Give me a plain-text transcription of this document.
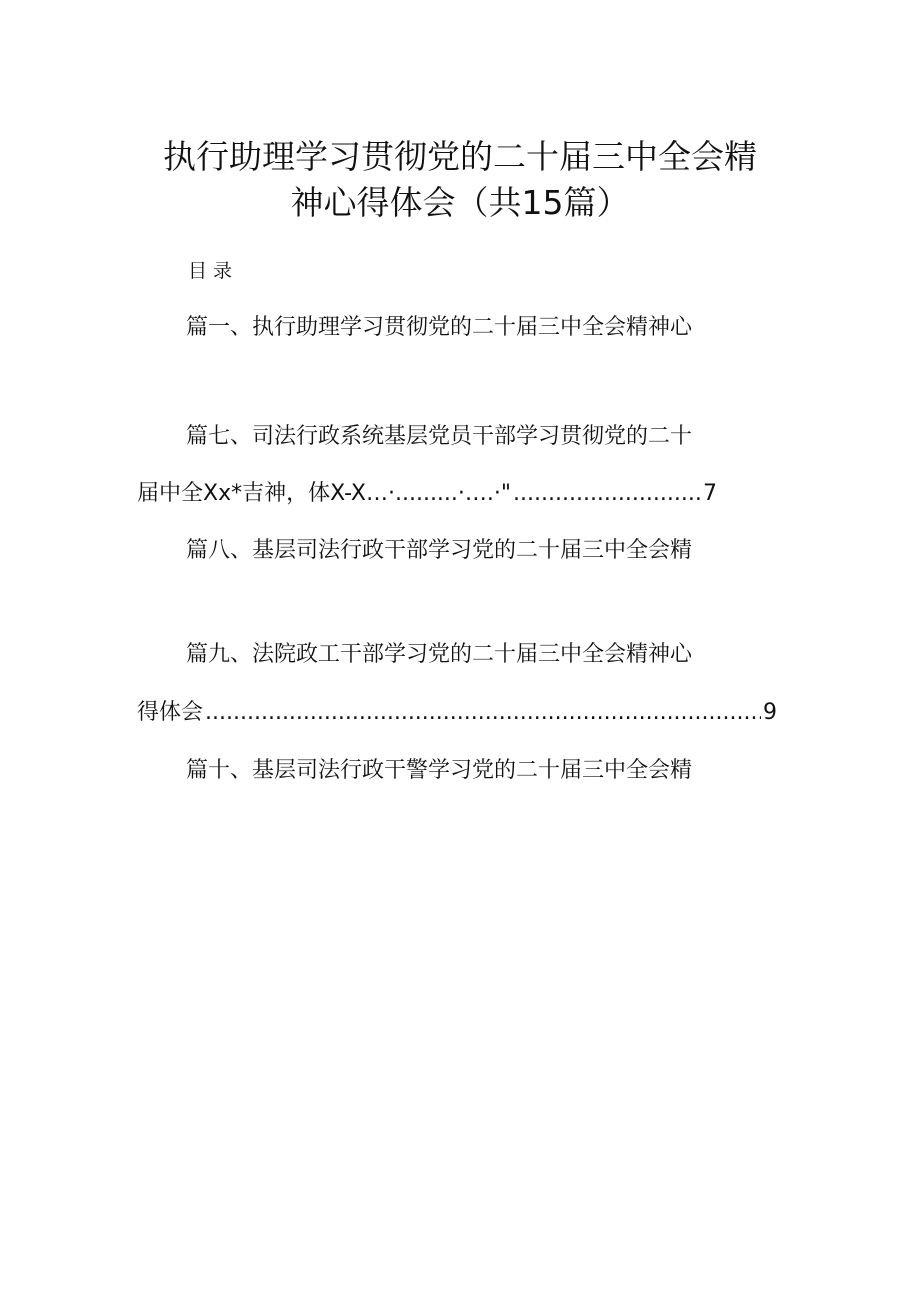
执行助理学习贯彻党的二十届三中全会精
神心得体会（共15篇）
目录
篇一、执行助理学习贯彻党的二十届三中全会精神心
篇七、司法行政系统基层党员干部学习贯彻党的二十
届中全Xx*吉神，体X-X…·.........·….·" .....	7
篇八、基层司法行政干部学习党的二十届三中全会精
篇九、法院政工干部学习党的二十届三中全会精神心
得体会 .....	9
篇十、基层司法行政干警学习党的二十届三中全会精
